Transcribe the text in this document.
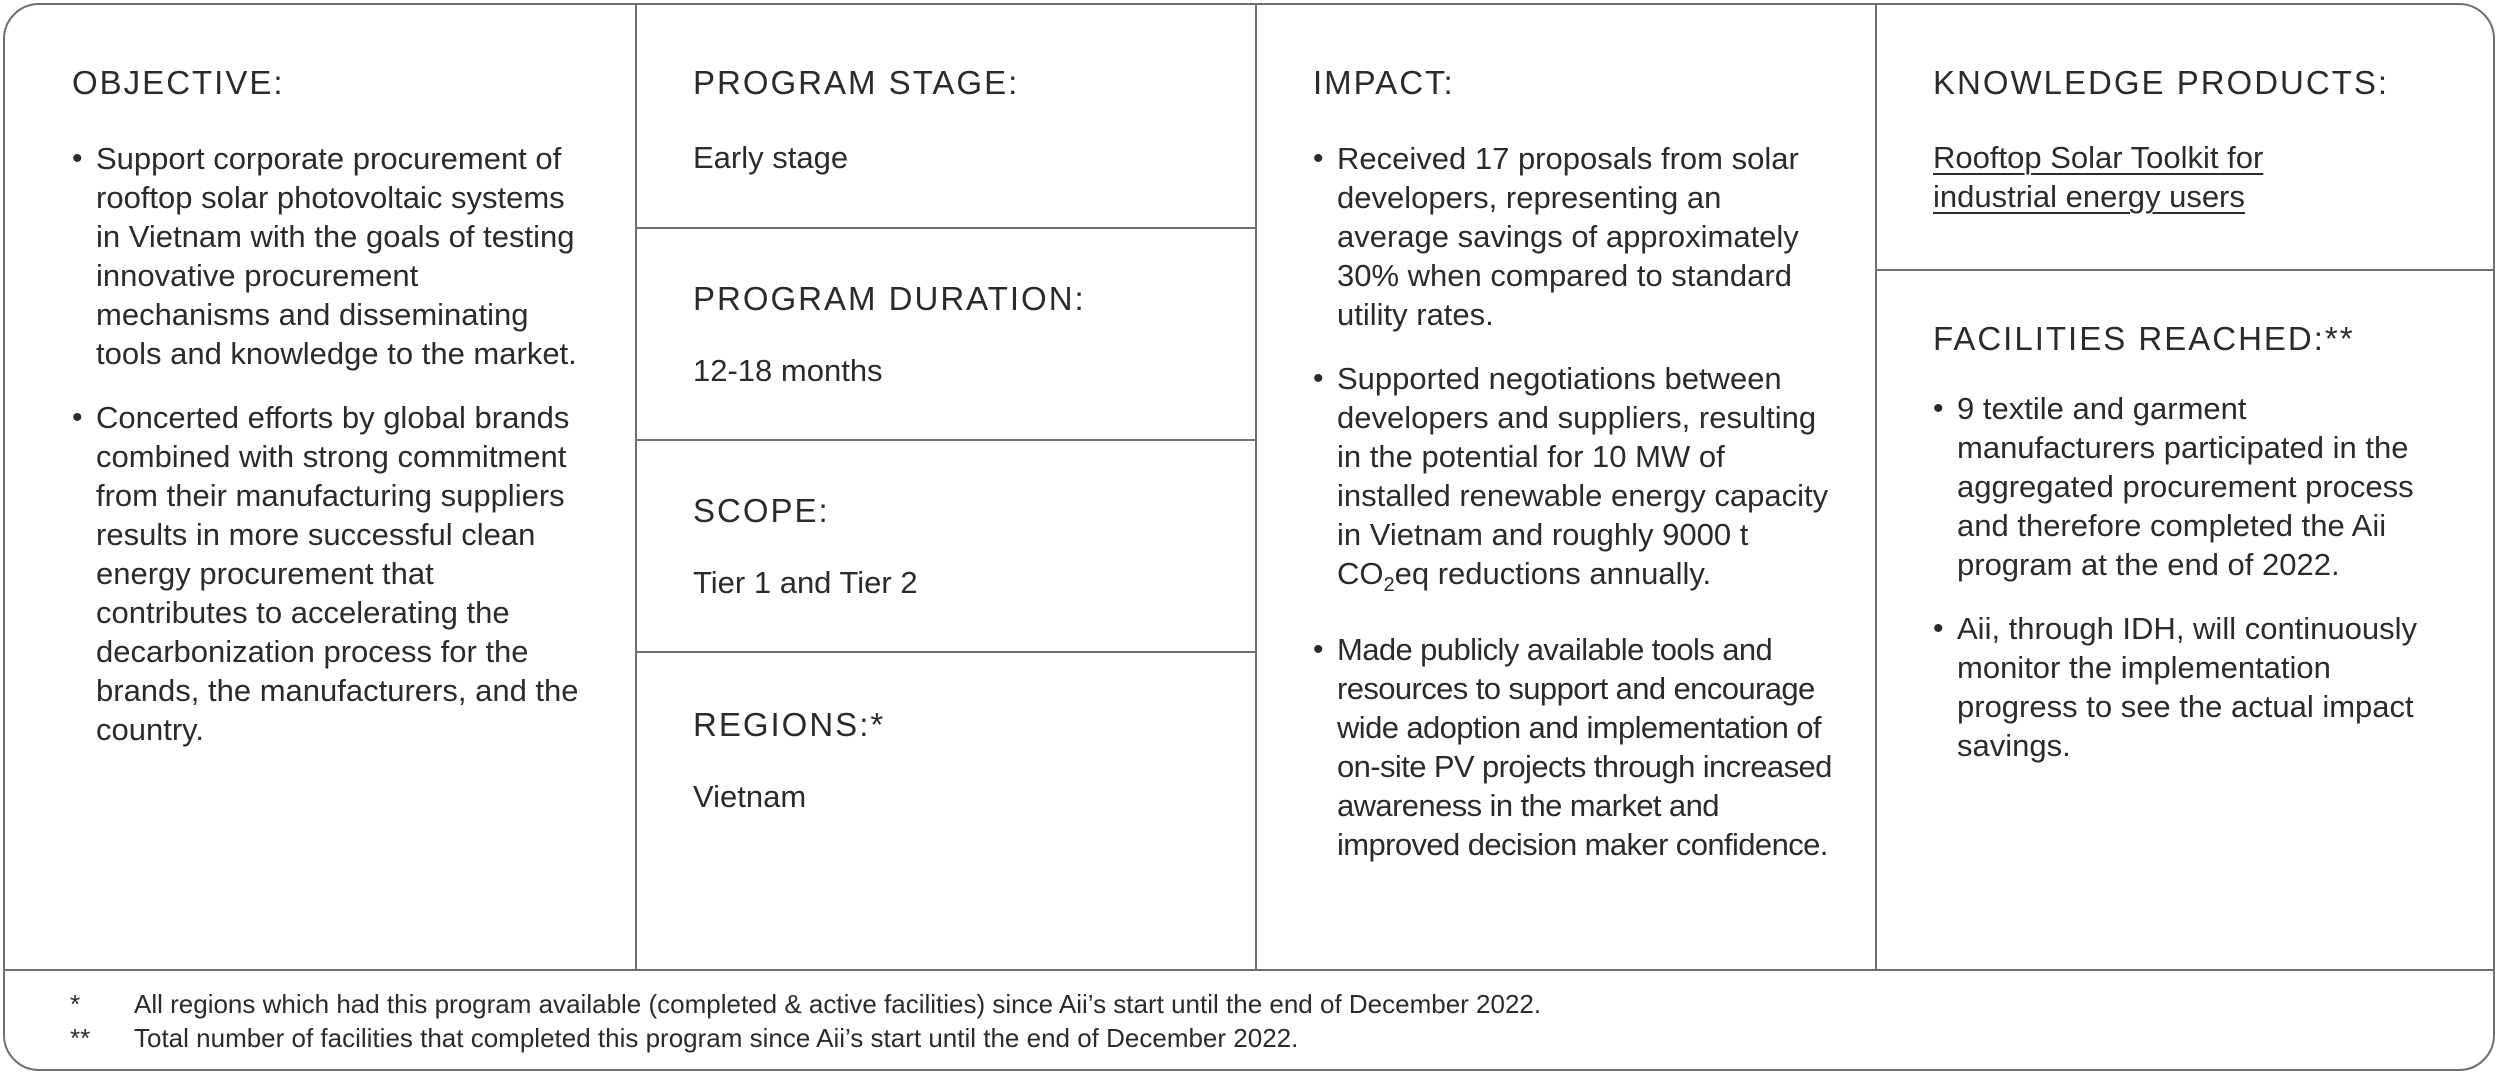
OBJECTIVE:
• Support corporate procurement of rooftop solar photovoltaic systems in Vietnam with the goals of testing innovative procurement mechanisms and disseminating tools and knowledge to the market.
• Concerted efforts by global brands combined with strong commitment from their manufacturing suppliers results in more successful clean energy procurement that contributes to accelerating the decarbonization process for the brands, the manufacturers, and the country.
PROGRAM STAGE:
Early stage
PROGRAM DURATION:
12-18 months
SCOPE:
Tier 1 and Tier 2
REGIONS:*
Vietnam
IMPACT:
• Received 17 proposals from solar developers, representing an average savings of approximately 30% when compared to standard utility rates.
• Supported negotiations between developers and suppliers, resulting in the potential for 10 MW of installed renewable energy capacity in Vietnam and roughly 9000 t $CO_2eq$ reductions annually.
• Made publicly available tools and resources to support and encourage wide adoption and implementation of on-site PV projects through increased awareness in the market and improved decision maker confidence.
KNOWLEDGE PRODUCTS:
Rooftop Solar Toolkit for
industrial energy users
FACILITIES REACHED:**
• 9 textile and garment manufacturers participated in the aggregated procurement process and therefore completed the Aii program at the end of 2022.
• Aii, through IDH, will continuously monitor the implementation progress to see the actual impact savings.
* All regions which had this program available (completed & active facilities) since Aii’s start until the end of December 2022.
** Total number of facilities that completed this program since Aii’s start until the end of December 2022.
